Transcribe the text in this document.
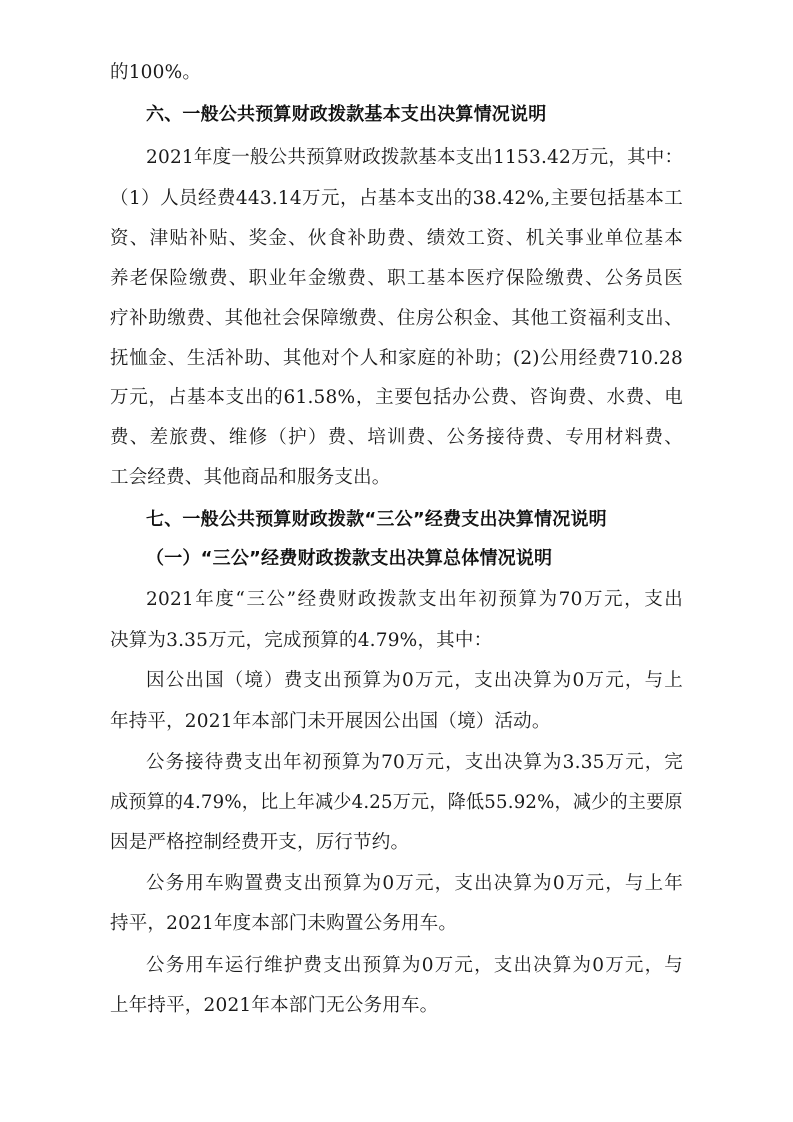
的100%。
六、一般公共预算财政拨款基本支出决算情况说明
2021年度一般公共预算财政拨款基本支出1153.42万元，其中：
（1）人员经费443.14万元，占基本支出的38.42%,主要包括基本工
资、津贴补贴、奖金、伙食补助费、绩效工资、机关事业单位基本
养老保险缴费、职业年金缴费、职工基本医疗保险缴费、公务员医
疗补助缴费、其他社会保障缴费、住房公积金、其他工资福利支出、
抚恤金、生活补助、其他对个人和家庭的补助；(2)公用经费710.28
万元，占基本支出的61.58%，主要包括办公费、咨询费、水费、电
费、差旅费、维修（护）费、培训费、公务接待费、专用材料费、
工会经费、其他商品和服务支出。
七、一般公共预算财政拨款“三公”经费支出决算情况说明
（一）“三公”经费财政拨款支出决算总体情况说明
2021年度“三公”经费财政拨款支出年初预算为70万元，支出
决算为3.35万元，完成预算的4.79%，其中：
因公出国（境）费支出预算为0万元，支出决算为0万元，与上
年持平，2021年本部门未开展因公出国（境）活动。
公务接待费支出年初预算为70万元，支出决算为3.35万元，完
成预算的4.79%，比上年减少4.25万元，降低55.92%，减少的主要原
因是严格控制经费开支，厉行节约。
公务用车购置费支出预算为0万元，支出决算为0万元，与上年
持平，2021年度本部门未购置公务用车。
公务用车运行维护费支出预算为0万元，支出决算为0万元，与
上年持平，2021年本部门无公务用车。
